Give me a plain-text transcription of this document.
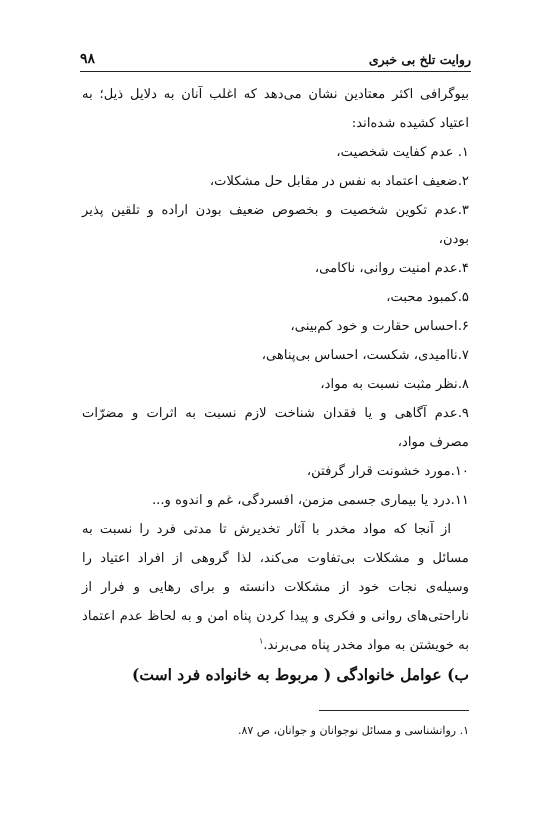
۹۸	روایت تلخ بی خبری

بیوگرافی اکثر معتادین نشان می‌دهد که اغلب آنان به دلایل ذیل؛ به اعتیاد کشیده شده‌اند:

۱. عدم کفایت شخصیت،

۲.ضعیف اعتماد به نفس در مقابل حل مشکلات،

۳.عدم تکوین شخصیت و بخصوص ضعیف بودن اراده و تلقین پذیر بودن،

۴.عدم امنیت روانی، ناکامی،

۵.کمبود محبت،

۶.احساس حقارت و خود کم‌بینی،

۷.ناامیدی، شکست، احساس بی‌پناهی،

۸.نظر مثبت نسبت به مواد،

۹.عدم آگاهی و یا فقدان شناخت لازم نسبت به اثرات و مضرّات مصرف مواد،

۱۰.مورد خشونت قرار گرفتن،

۱۱.درد یا بیماری جسمی مزمن، افسردگی، غم و اندوه و...

از آنجا که مواد مخدر با آثار تخدیرش تا مدتی فرد را نسبت به مسائل و مشکلات بی‌تفاوت می‌کند، لذا گروهی از افراد اعتیاد را وسیله‌ی نجات خود از مشکلات دانسته و برای رهایی و فرار از ناراحتی‌های روانی و فکری و پیدا کردن پناه امن و به لحاظ عدم اعتماد به خویشتن به مواد مخدر پناه می‌برند.$^۱$

ب) عوامل خانوادگی ( مربوط به خانواده فرد است)

۱. روانشناسی و مسائل نوجوانان و جوانان، ص ۸۷.
